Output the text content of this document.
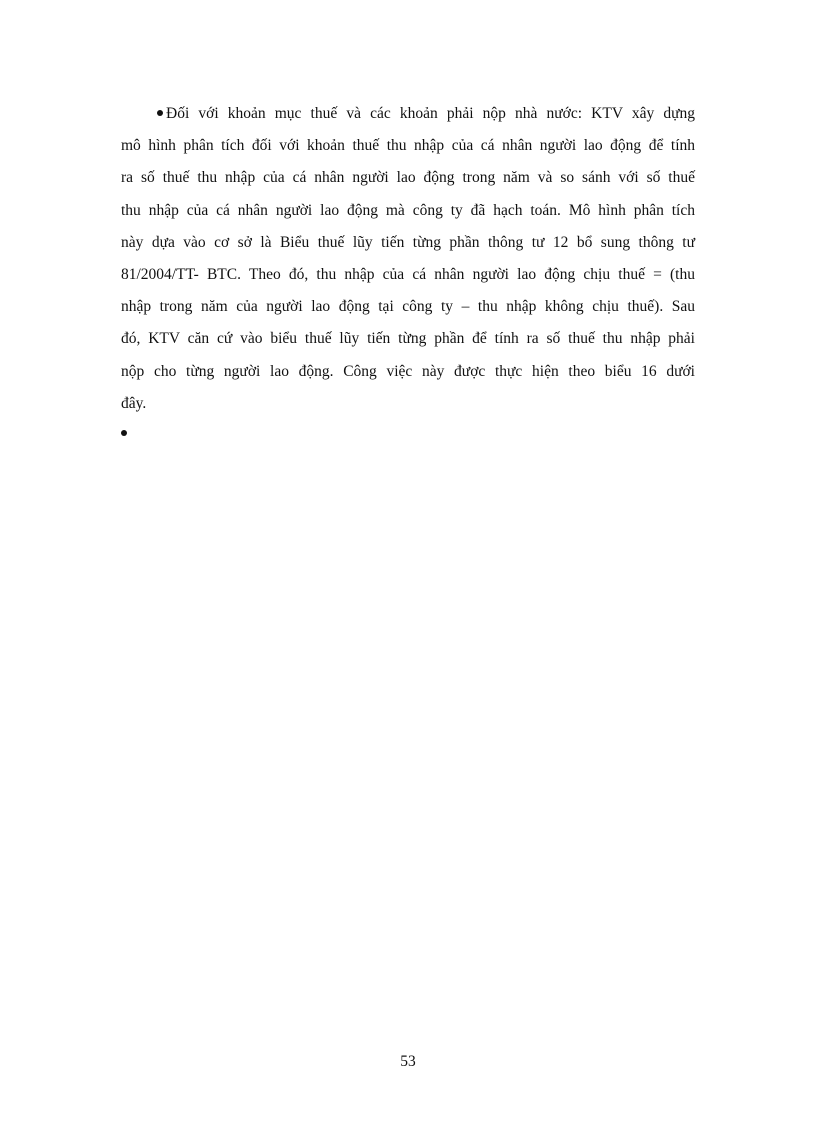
Đối với khoản mục thuế và các khoản phải nộp nhà nước: KTV xây dựng
mô hình phân tích đối với khoản thuế thu nhập của cá nhân người lao động để tính
ra số thuế thu nhập của cá nhân người lao động trong năm và so sánh với số thuế
thu nhập của cá nhân người lao động mà công ty đã hạch toán. Mô hình phân tích
này dựa vào cơ sở là Biểu thuế lũy tiến từng phần thông tư 12 bổ sung thông tư
81/2004/TT- BTC. Theo đó, thu nhập của cá nhân người lao động chịu thuế = (thu
nhập trong năm của người lao động tại công ty – thu nhập không chịu thuế). Sau
đó, KTV căn cứ vào biểu thuế lũy tiến từng phần để tính ra số thuế thu nhập phải
nộp cho từng người lao động. Công việc này được thực hiện theo biểu 16 dưới
đây.
53
